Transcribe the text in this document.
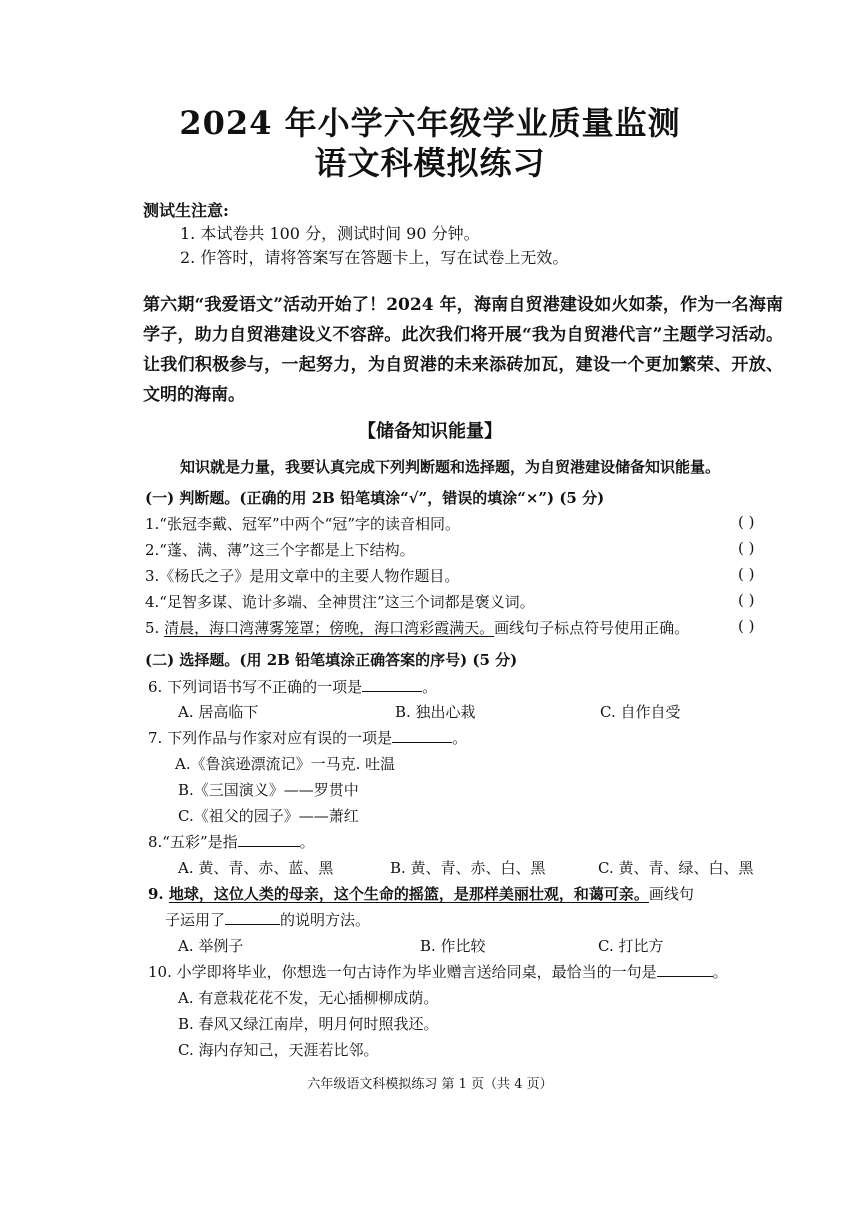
2024 年小学六年级学业质量监测
语文科模拟练习
测试生注意:
1. 本试卷共 100 分，测试时间 90 分钟。
2. 作答时，请将答案写在答题卡上，写在试卷上无效。
第六期“我爱语文”活动开始了！2024 年，海南自贸港建设如火如荼，作为一名海南学子，助力自贸港建设义不容辞。此次我们将开展“我为自贸港代言”主题学习活动。让我们积极参与，一起努力，为自贸港的未来添砖加瓦，建设一个更加繁荣、开放、文明的海南。
【储备知识能量】
知识就是力量，我要认真完成下列判断题和选择题，为自贸港建设储备知识能量。
(一) 判断题。(正确的用 2B 铅笔填涂“√”，错误的填涂“×”) (5 分)
1.“张冠李戴、冠军”中两个“冠”字的读音相同。	( )
2.“蓬、满、薄”这三个字都是上下结构。	( )
3.《杨氏之子》是用文章中的主要人物作题目。	( )
4.“足智多谋、诡计多端、全神贯注”这三个词都是褒义词。	( )
5. 清晨，海口湾薄雾笼罩；傍晚，海口湾彩霞满天。画线句子标点符号使用正确。	( )
(二) 选择题。(用 2B 铅笔填涂正确答案的序号) (5 分)
6. 下列词语书写不正确的一项是	。
A. 居高临下	B. 独出心栽	C. 自作自受
7. 下列作品与作家对应有误的一项是	。
A.《鲁滨逊漂流记》一马克. 吐温
B.《三国演义》——罗贯中
C.《祖父的园子》——萧红
8.“五彩”是指	。
A. 黄、青、赤、蓝、黑	B. 黄、青、赤、白、黑	C. 黄、青、绿、白、黑
9. 地球，这位人类的母亲，这个生命的摇篮，是那样美丽壮观，和蔼可亲。画线句
子运用了	的说明方法。
A. 举例子	B. 作比较	C. 打比方
10. 小学即将毕业，你想选一句古诗作为毕业赠言送给同桌，最恰当的一句是	。
A. 有意栽花花不发，无心插柳柳成荫。
B. 春风又绿江南岸，明月何时照我还。
C. 海内存知己，天涯若比邻。
六年级语文科模拟练习 第 1 页（共 4 页）
